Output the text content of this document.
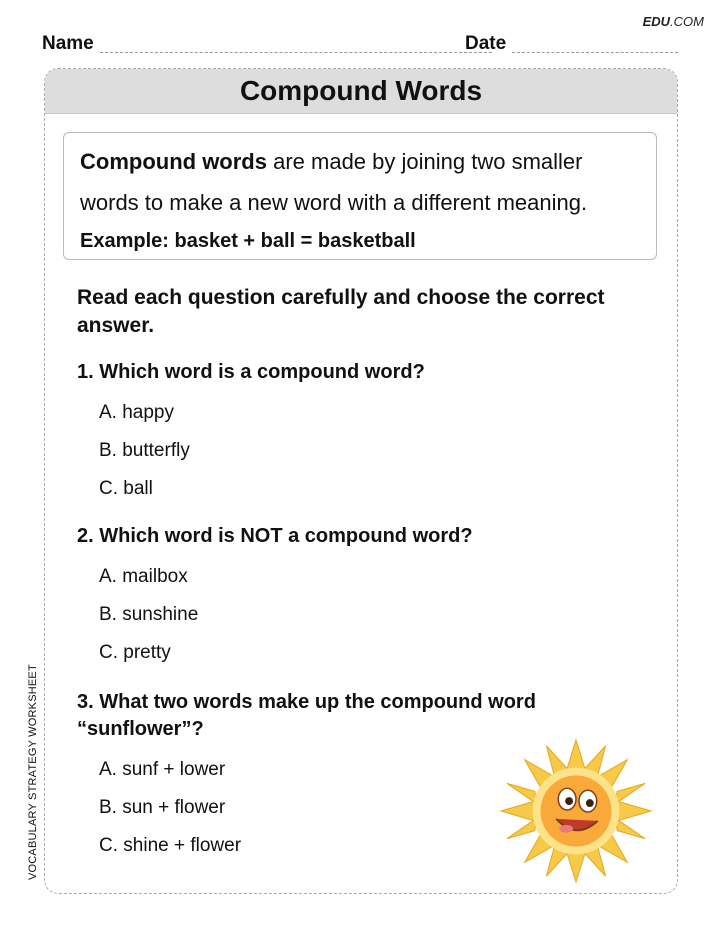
EDU.COM
Name	Date
VOCABULARY STRATEGY WORKSHEET
Compound Words

Compound words are made by joining two smaller words to make a new word with a different meaning.

Example: basket + ball = basketball

Read each question carefully and choose the correct answer.

1. Which word is a compound word?

A. happy
B. butterfly
C. ball

2. Which word is NOT a compound word?

A. mailbox
B. sunshine
C. pretty

3. What two words make up the compound word “sunflower”?

A. sunf + lower
B. sun + flower
C. shine + flower
